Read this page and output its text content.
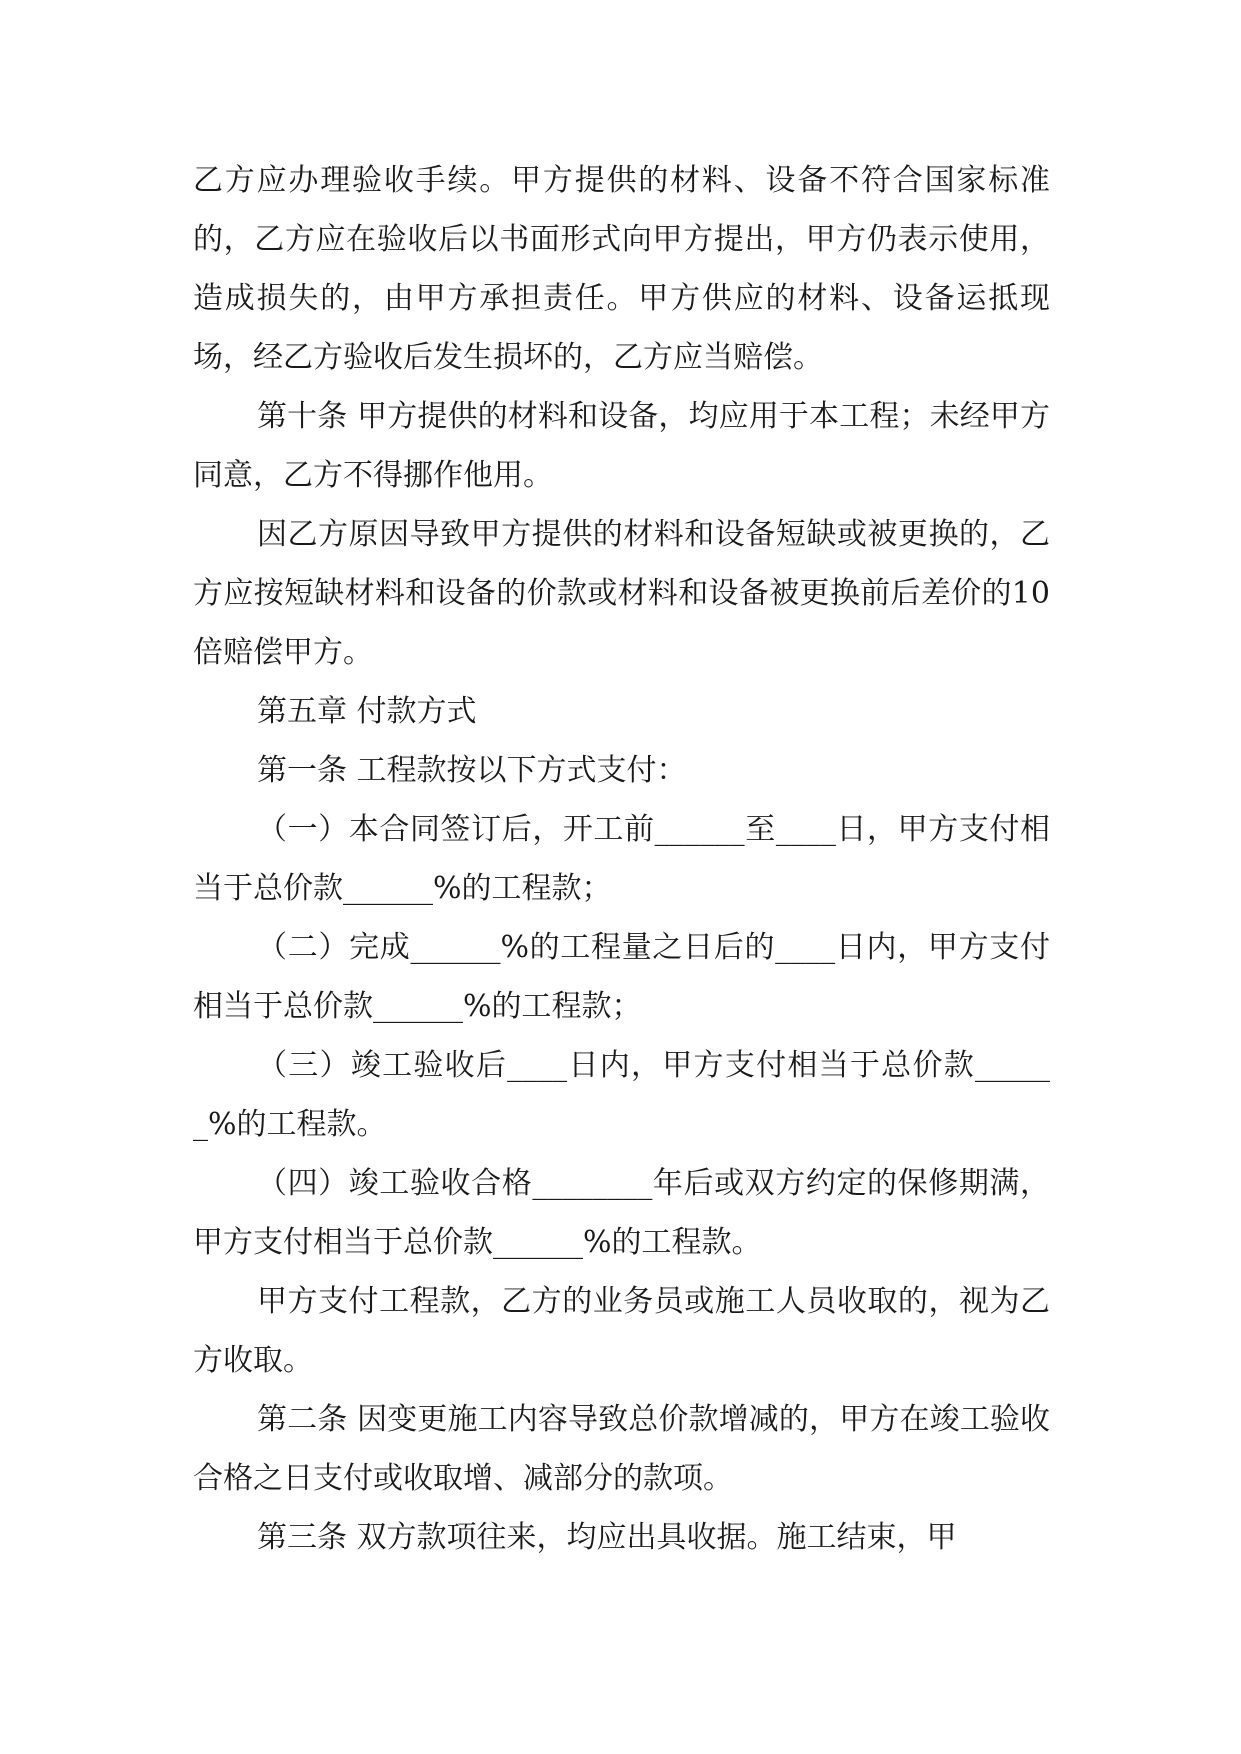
乙方应办理验收手续。甲方提供的材料、设备不符合国家标准的，乙方应在验收后以书面形式向甲方提出，甲方仍表示使用，造成损失的，由甲方承担责任。甲方供应的材料、设备运抵现场，经乙方验收后发生损坏的，乙方应当赔偿。

第十条 甲方提供的材料和设备，均应用于本工程；未经甲方同意，乙方不得挪作他用。

因乙方原因导致甲方提供的材料和设备短缺或被更换的，乙方应按短缺材料和设备的价款或材料和设备被更换前后差价的10倍赔偿甲方。

第五章 付款方式

第一条 工程款按以下方式支付：

（一）本合同签订后，开工前______至____日，甲方支付相当于总价款______%的工程款；

（二）完成______%的工程量之日后的____日内，甲方支付相当于总价款______%的工程款；

（三）竣工验收后____日内，甲方支付相当于总价款______%的工程款。

（四）竣工验收合格________年后或双方约定的保修期满，甲方支付相当于总价款______%的工程款。

甲方支付工程款，乙方的业务员或施工人员收取的，视为乙方收取。

第二条 因变更施工内容导致总价款增减的，甲方在竣工验收合格之日支付或收取增、减部分的款项。

第三条 双方款项往来，均应出具收据。施工结束，甲
